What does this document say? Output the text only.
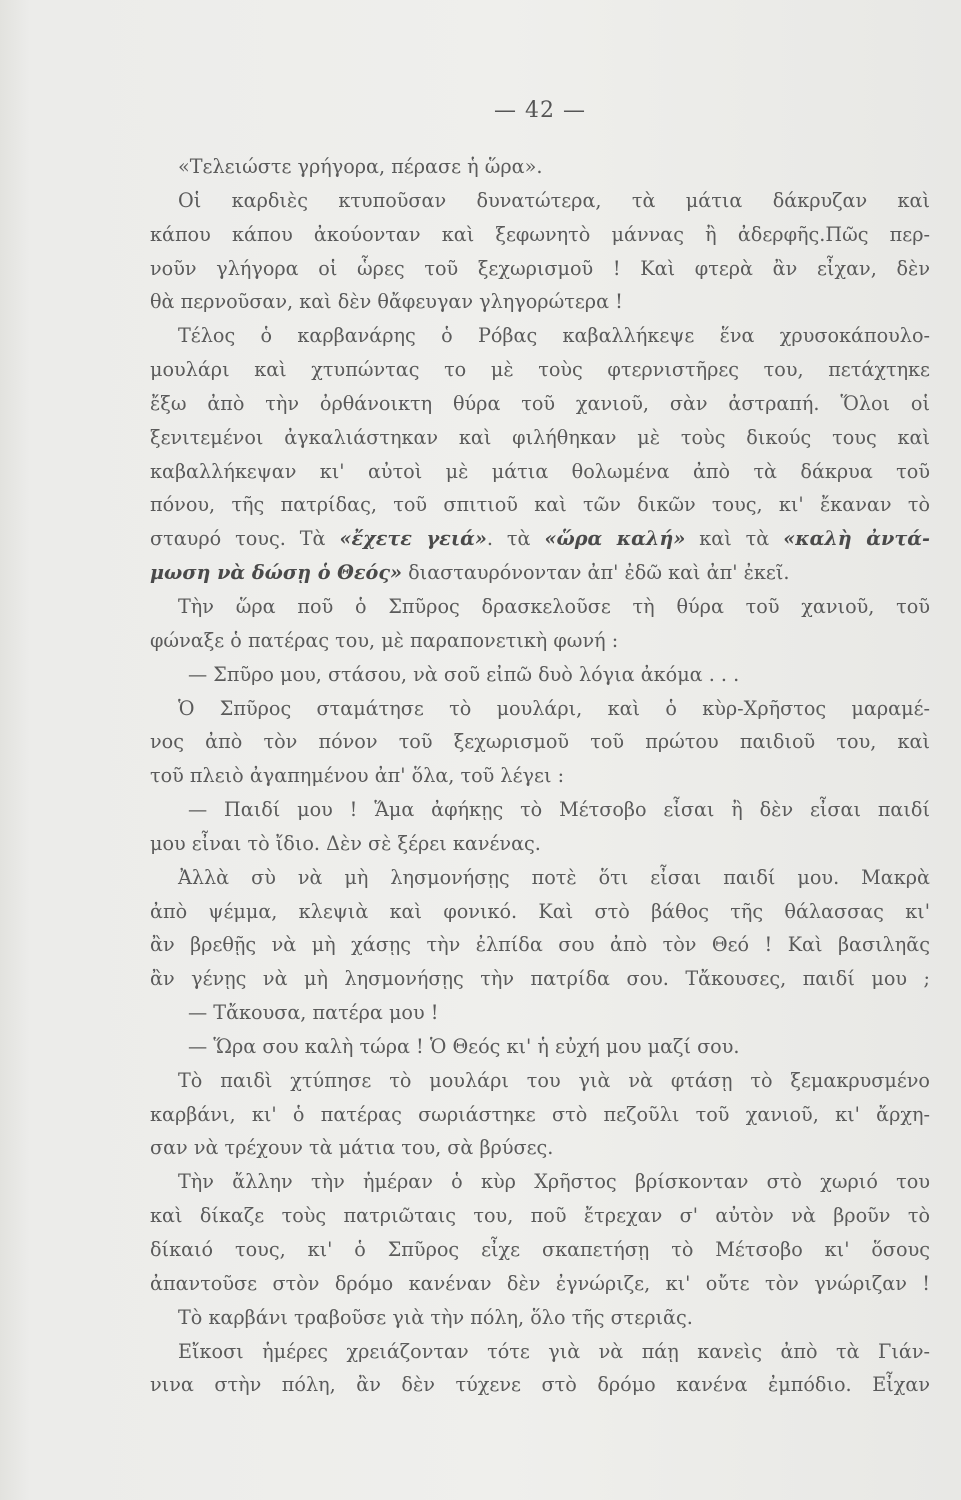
— 42 —
«Τελειώστε γρήγορα, πέρασε ἡ ὥρα».
Οἱ καρδιὲς κτυποῦσαν δυνατώτερα, τὰ μάτια δάκρυζαν καὶ
κάπου κάπου ἀκούονταν καὶ ξεφωνητὸ μάννας ἢ ἀδερφῆς.Πῶς περ-
νοῦν γλήγορα οἱ ὧρες τοῦ ξεχωρισμοῦ ! Καὶ φτερὰ ἂν εἶχαν, δὲν
θὰ περνοῦσαν, καὶ δὲν θἄφευγαν γληγορώτερα !
Τέλος ὁ καρβανάρης ὁ Ρόβας καβαλλήκεψε ἕνα χρυσοκάπουλο-
μουλάρι καὶ χτυπώντας το μὲ τοὺς φτερνιστῆρες του, πετάχτηκε
ἔξω ἀπὸ τὴν ὀρθάνοικτη θύρα τοῦ χανιοῦ, σὰν ἀστραπή. Ὅλοι οἱ
ξενιτεμένοι ἀγκαλιάστηκαν καὶ φιλήθηκαν μὲ τοὺς δικούς τους καὶ
καβαλλήκεψαν κι' αὐτοὶ μὲ μάτια θολωμένα ἀπὸ τὰ δάκρυα τοῦ
πόνου, τῆς πατρίδας, τοῦ σπιτιοῦ καὶ τῶν δικῶν τους, κι' ἔκαναν τὸ
σταυρό τους. Τὰ «ἔχετε γειά». τὰ «ὥρα καλή» καὶ τὰ «καλὴ ἀντά-
μωση νὰ δώσῃ ὁ Θεός» διασταυρόνονταν ἀπ' ἐδῶ καὶ ἀπ' ἐκεῖ.
Τὴν ὥρα ποῦ ὁ Σπῦρος δρασκελοῦσε τὴ θύρα τοῦ χανιοῦ, τοῦ
φώναξε ὁ πατέρας του, μὲ παραπονετικὴ φωνή :
— Σπῦρο μου, στάσου, νὰ σοῦ εἰπῶ δυὸ λόγια ἀκόμα . . .
Ὁ Σπῦρος σταμάτησε τὸ μουλάρι, καὶ ὁ κὺρ-Χρῆστος μαραμέ-
νος ἀπὸ τὸν πόνον τοῦ ξεχωρισμοῦ τοῦ πρώτου παιδιοῦ του, καὶ
τοῦ πλειὸ ἀγαπημένου ἀπ' ὅλα, τοῦ λέγει :
— Παιδί μου ! Ἅμα ἀφήκῃς τὸ Μέτσοβο εἶσαι ἢ δὲν εἶσαι παιδί
μου εἶναι τὸ ἴδιο. Δὲν σὲ ξέρει κανένας.
Ἀλλὰ σὺ νὰ μὴ λησμονήσῃς ποτὲ ὅτι εἶσαι παιδί μου. Μακρὰ
ἀπὸ ψέμμα, κλεψιὰ καὶ φονικό. Καὶ στὸ βάθος τῆς θάλασσας κι'
ἂν βρεθῇς νὰ μὴ χάσῃς τὴν ἐλπίδα σου ἀπὸ τὸν Θεό ! Καὶ βασιληᾶς
ἂν γένῃς νὰ μὴ λησμονήσῃς τὴν πατρίδα σου. Τἄκουσες, παιδί μου ;
— Τἄκουσα, πατέρα μου !
— Ὥρα σου καλὴ τώρα ! Ὁ Θεός κι' ἡ εὐχή μου μαζί σου.
Τὸ παιδὶ χτύπησε τὸ μουλάρι του γιὰ νὰ φτάσῃ τὸ ξεμακρυσμένο
καρβάνι, κι' ὁ πατέρας σωριάστηκε στὸ πεζοῦλι τοῦ χανιοῦ, κι' ἄρχη-
σαν νὰ τρέχουν τὰ μάτια του, σὰ βρύσες.
Τὴν ἄλλην τὴν ἡμέραν ὁ κὺρ Χρῆστος βρίσκονταν στὸ χωριό του
καὶ δίκαζε τοὺς πατριῶταις του, ποῦ ἔτρεχαν σ' αὐτὸν νὰ βροῦν τὸ
δίκαιό τους, κι' ὁ Σπῦρος εἶχε σκαπετήσῃ τὸ Μέτσοβο κι' ὅσους
ἀπαντοῦσε στὸν δρόμο κανέναν δὲν ἐγνώριζε, κι' οὔτε τὸν γνώριζαν !
Τὸ καρβάνι τραβοῦσε γιὰ τὴν πόλη, ὅλο τῆς στεριᾶς.
Εἴκοσι ἡμέρες χρειάζονταν τότε γιὰ νὰ πάῃ κανεὶς ἀπὸ τὰ Γιάν-
νινα στὴν πόλη, ἂν δὲν τύχενε στὸ δρόμο κανένα ἐμπόδιο. Εἶχαν
